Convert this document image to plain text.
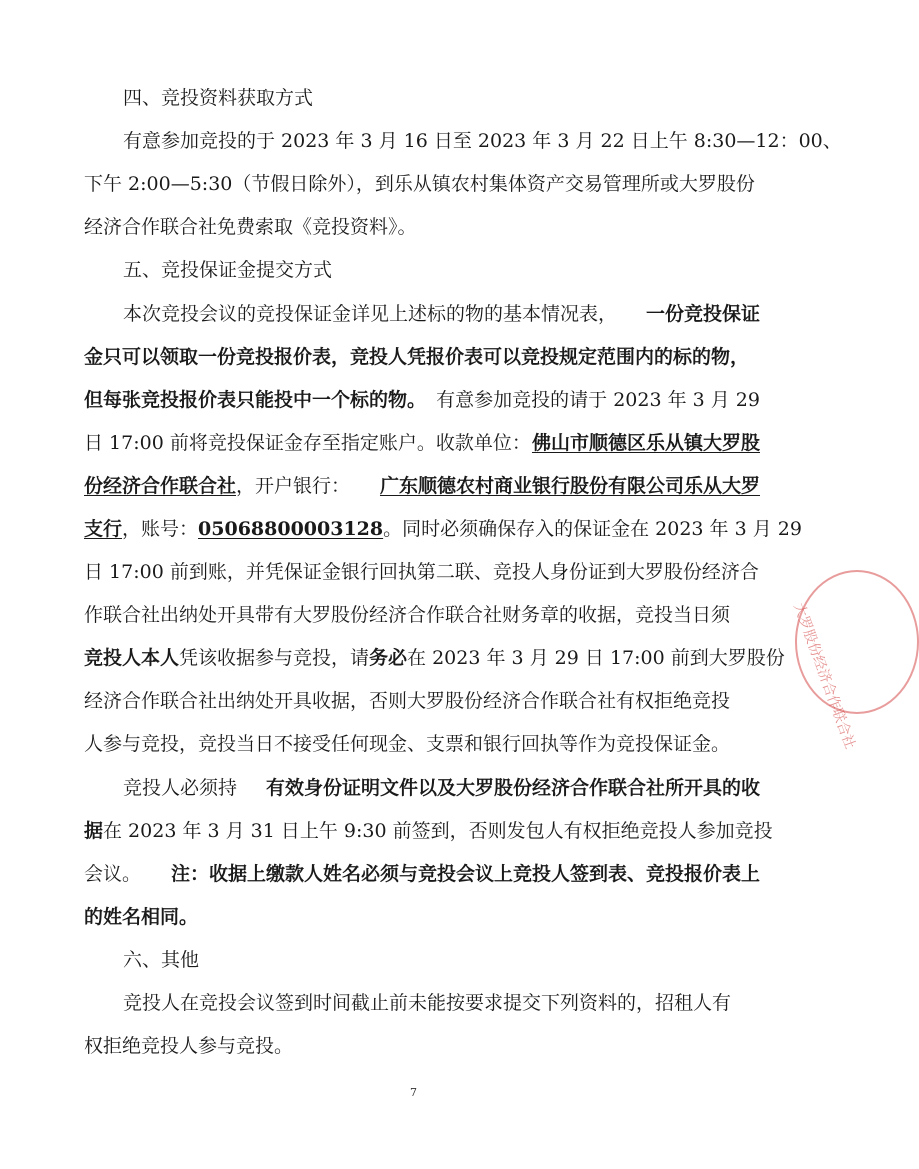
四、竞投资料获取方式
有意参加竞投的于 2023 年 3 月 16 日至 2023 年 3 月 22 日上午 8:30—12：00、
下午 2:00—5:30（节假日除外），到乐从镇农村集体资产交易管理所或大罗股份
经济合作联合社免费索取《竞投资料》。
五、竞投保证金提交方式
本次竞投会议的竞投保证金详见上述标的物的基本情况表， 一份竞投保证
金只可以领取一份竞投报价表，竞投人凭报价表可以竞投规定范围内的标的物，
但每张竞投报价表只能投中一个标的物。 有意参加竞投的请于 2023 年 3 月 29
日 17:00 前将竞投保证金存至指定账户。收款单位： 佛山市顺德区乐从镇大罗股
份经济合作联合社，开户银行： 广东顺德农村商业银行股份有限公司乐从大罗
支行，账号：05068800003128 。同时必须确保存入的保证金在 2023 年 3 月 29
日 17:00 前到账，并凭保证金银行回执第二联、竞投人身份证到大罗股份经济合
作联合社出纳处开具带有大罗股份经济合作联合社财务章的收据，竞投当日须
竞投人本人凭该收据参与竞投，请务必 在 2023 年 3 月 29 日 17:00 前到大罗股份
经济合作联合社出纳处开具收据，否则大罗股份经济合作联合社有权拒绝竞投
人参与竞投，竞投当日不接受任何现金、支票和银行回执等作为竞投保证金。
竞投人必须持 有效身份证明文件以及大罗股份经济合作联合社所开具的收
据 在 2023 年 3 月 31 日上午 9:30 前签到，否则发包人有权拒绝竞投人参加竞投
会议。 注：收据上缴款人姓名必须与竞投会议上竞投人签到表、竞投报价表上
的姓名相同。
六、其他
竞投人在竞投会议签到时间截止前未能按要求提交下列资料的，招租人有
权拒绝竞投人参与竞投。
7
大罗股份经济合作联合社
